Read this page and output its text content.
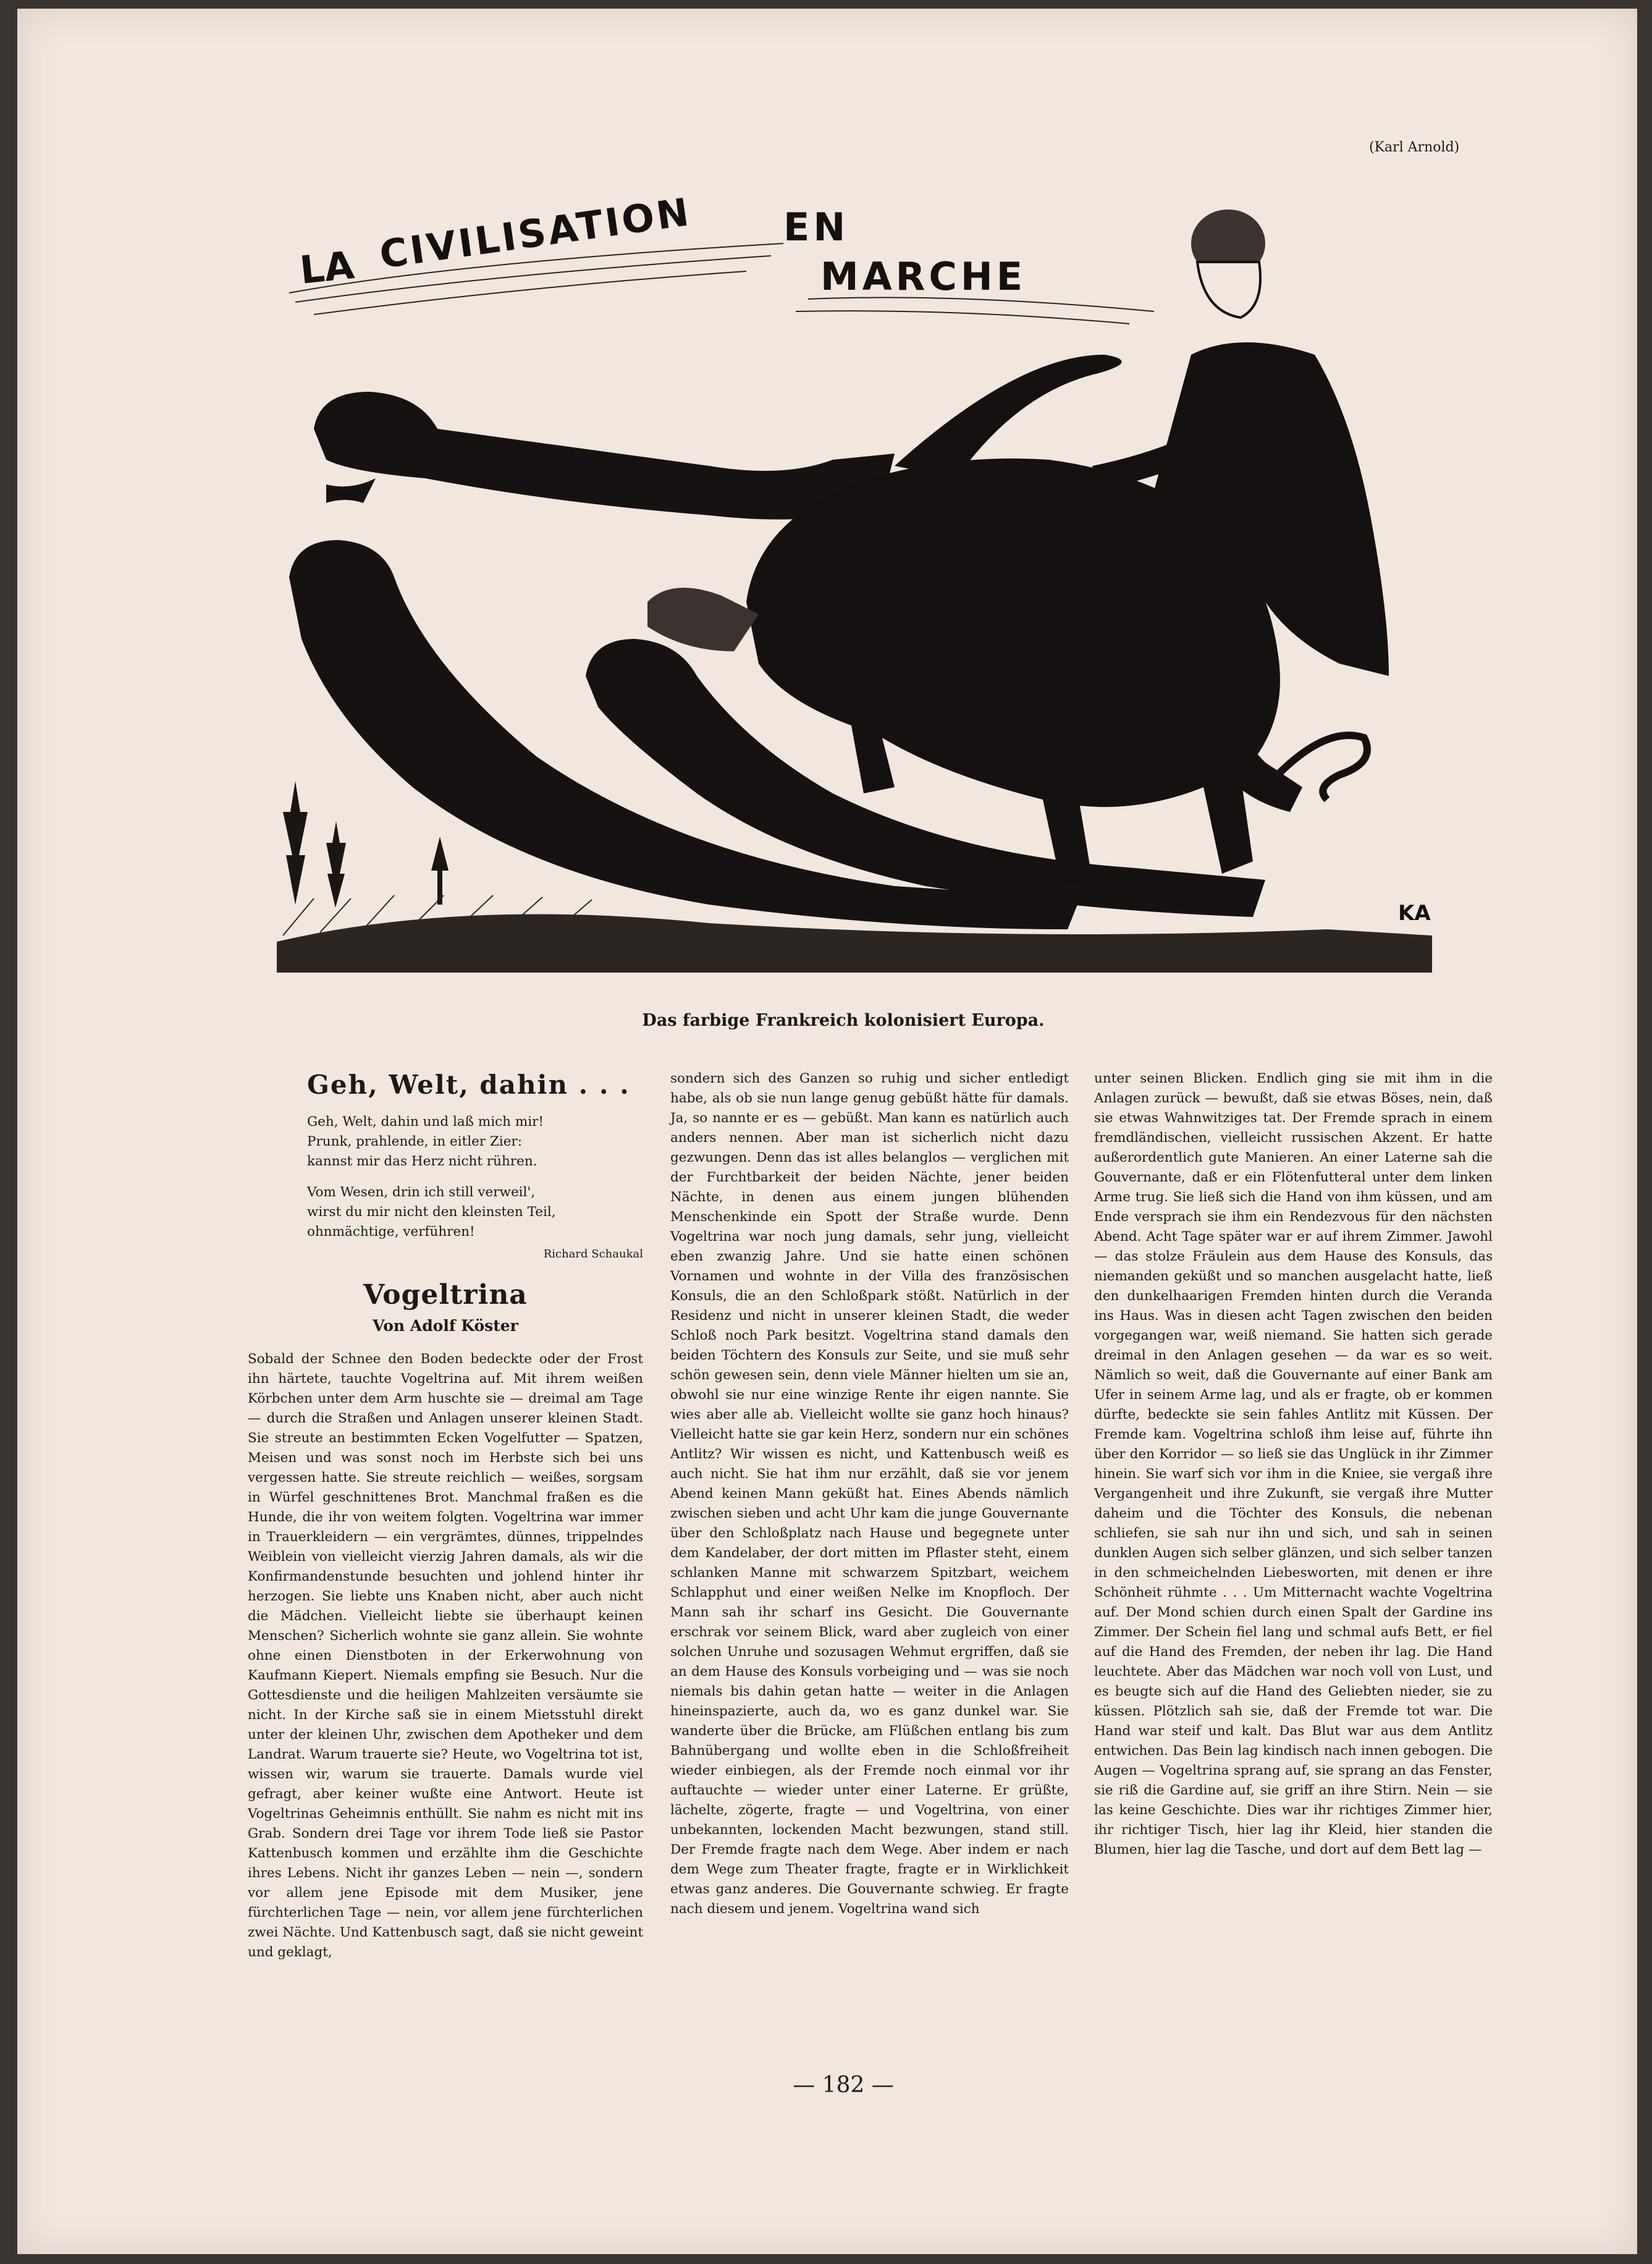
(Karl Arnold)
LA CIVILISATION EN
MARCHE
KA
Das farbige Frankreich kolonisiert Europa.
Geh, Welt, dahin . . .
Geh, Welt, dahin und laß mich mir!
Prunk, prahlende, in eitler Zier:
kannst mir das Herz nicht rühren.
Vom Wesen, drin ich still verweil',
wirst du mir nicht den kleinsten Teil,
ohnmächtige, verführen!
Richard Schaukal
Vogeltrina
Von Adolf Köster

Sobald der Schnee den Boden bedeckte oder der Frost ihn härtete, tauchte Vogeltrina auf. Mit ihrem weißen Körbchen unter dem Arm huschte sie — dreimal am Tage — durch die Straßen und Anlagen unserer kleinen Stadt. Sie streute an bestimmten Ecken Vogelfutter — Spatzen, Meisen und was sonst noch im Herbste sich bei uns vergessen hatte. Sie streute reichlich — weißes, sorgsam in Würfel geschnittenes Brot. Manchmal fraßen es die Hunde, die ihr von weitem folgten. Vogeltrina war immer in Trauerkleidern — ein vergrämtes, dünnes, trippelndes Weiblein von vielleicht vierzig Jahren damals, als wir die Konfirmandenstunde besuchten und johlend hinter ihr herzogen. Sie liebte uns Knaben nicht, aber auch nicht die Mädchen. Vielleicht liebte sie überhaupt keinen Menschen? Sicherlich wohnte sie ganz allein. Sie wohnte ohne einen Dienstboten in der Erkerwohnung von Kaufmann Kiepert. Niemals empfing sie Besuch. Nur die Gottesdienste und die heiligen Mahlzeiten versäumte sie nicht. In der Kirche saß sie in einem Mietsstuhl direkt unter der kleinen Uhr, zwischen dem Apotheker und dem Landrat. Warum trauerte sie? Heute, wo Vogeltrina tot ist, wissen wir, warum sie trauerte. Damals wurde viel gefragt, aber keiner wußte eine Antwort. Heute ist Vogeltrinas Geheimnis enthüllt. Sie nahm es nicht mit ins Grab. Sondern drei Tage vor ihrem Tode ließ sie Pastor Kattenbusch kommen und erzählte ihm die Geschichte ihres Lebens. Nicht ihr ganzes Leben — nein —, sondern vor allem jene Episode mit dem Musiker, jene fürchterlichen Tage — nein, vor allem jene fürchterlichen zwei Nächte. Und Kattenbusch sagt, daß sie nicht geweint und geklagt,

sondern sich des Ganzen so ruhig und sicher entledigt habe, als ob sie nun lange genug gebüßt hätte für damals. Ja, so nannte er es — gebüßt. Man kann es natürlich auch anders nennen. Aber man ist sicherlich nicht dazu gezwungen. Denn das ist alles belanglos — verglichen mit der Furchtbarkeit der beiden Nächte, jener beiden Nächte, in denen aus einem jungen blühenden Menschenkinde ein Spott der Straße wurde. Denn Vogeltrina war noch jung damals, sehr jung, vielleicht eben zwanzig Jahre. Und sie hatte einen schönen Vornamen und wohnte in der Villa des französischen Konsuls, die an den Schloßpark stößt. Natürlich in der Residenz und nicht in unserer kleinen Stadt, die weder Schloß noch Park besitzt. Vogeltrina stand damals den beiden Töchtern des Konsuls zur Seite, und sie muß sehr schön gewesen sein, denn viele Männer hielten um sie an, obwohl sie nur eine winzige Rente ihr eigen nannte. Sie wies aber alle ab. Vielleicht wollte sie ganz hoch hinaus? Vielleicht hatte sie gar kein Herz, sondern nur ein schönes Antlitz? Wir wissen es nicht, und Kattenbusch weiß es auch nicht. Sie hat ihm nur erzählt, daß sie vor jenem Abend keinen Mann geküßt hat. Eines Abends nämlich zwischen sieben und acht Uhr kam die junge Gouvernante über den Schloßplatz nach Hause und begegnete unter dem Kandelaber, der dort mitten im Pflaster steht, einem schlanken Manne mit schwarzem Spitzbart, weichem Schlapphut und einer weißen Nelke im Knopfloch. Der Mann sah ihr scharf ins Gesicht. Die Gouvernante erschrak vor seinem Blick, ward aber zugleich von einer solchen Unruhe und sozusagen Wehmut ergriffen, daß sie an dem Hause des Konsuls vorbeiging und — was sie noch niemals bis dahin getan hatte — weiter in die Anlagen hineinspazierte, auch da, wo es ganz dunkel war. Sie wanderte über die Brücke, am Flüßchen entlang bis zum Bahnübergang und wollte eben in die Schloßfreiheit wieder einbiegen, als der Fremde noch einmal vor ihr auftauchte — wieder unter einer Laterne. Er grüßte, lächelte, zögerte, fragte — und Vogeltrina, von einer unbekannten, lockenden Macht bezwungen, stand still. Der Fremde fragte nach dem Wege. Aber indem er nach dem Wege zum Theater fragte, fragte er in Wirklichkeit etwas ganz anderes. Die Gouvernante schwieg. Er fragte nach diesem und jenem. Vogeltrina wand sich

unter seinen Blicken. Endlich ging sie mit ihm in die Anlagen zurück — bewußt, daß sie etwas Böses, nein, daß sie etwas Wahnwitziges tat. Der Fremde sprach in einem fremdländischen, vielleicht russischen Akzent. Er hatte außerordentlich gute Manieren. An einer Laterne sah die Gouvernante, daß er ein Flötenfutteral unter dem linken Arme trug. Sie ließ sich die Hand von ihm küssen, und am Ende versprach sie ihm ein Rendezvous für den nächsten Abend. Acht Tage später war er auf ihrem Zimmer. Jawohl — das stolze Fräulein aus dem Hause des Konsuls, das niemanden geküßt und so manchen ausgelacht hatte, ließ den dunkelhaarigen Fremden hinten durch die Veranda ins Haus. Was in diesen acht Tagen zwischen den beiden vorgegangen war, weiß niemand. Sie hatten sich gerade dreimal in den Anlagen gesehen — da war es so weit. Nämlich so weit, daß die Gouvernante auf einer Bank am Ufer in seinem Arme lag, und als er fragte, ob er kommen dürfte, bedeckte sie sein fahles Antlitz mit Küssen. Der Fremde kam. Vogeltrina schloß ihm leise auf, führte ihn über den Korridor — so ließ sie das Unglück in ihr Zimmer hinein. Sie warf sich vor ihm in die Kniee, sie vergaß ihre Vergangenheit und ihre Zukunft, sie vergaß ihre Mutter daheim und die Töchter des Konsuls, die nebenan schliefen, sie sah nur ihn und sich, und sah in seinen dunklen Augen sich selber glänzen, und sich selber tanzen in den schmeichelnden Liebesworten, mit denen er ihre Schönheit rühmte . . . Um Mitternacht wachte Vogeltrina auf. Der Mond schien durch einen Spalt der Gardine ins Zimmer. Der Schein fiel lang und schmal aufs Bett, er fiel auf die Hand des Fremden, der neben ihr lag. Die Hand leuchtete. Aber das Mädchen war noch voll von Lust, und es beugte sich auf die Hand des Geliebten nieder, sie zu küssen. Plötzlich sah sie, daß der Fremde tot war. Die Hand war steif und kalt. Das Blut war aus dem Antlitz entwichen. Das Bein lag kindisch nach innen gebogen. Die Augen — Vogeltrina sprang auf, sie sprang an das Fenster, sie riß die Gardine auf, sie griff an ihre Stirn. Nein — sie las keine Geschichte. Dies war ihr richtiges Zimmer hier, ihr richtiger Tisch, hier lag ihr Kleid, hier standen die Blumen, hier lag die Tasche, und dort auf dem Bett lag —

— 182 —
